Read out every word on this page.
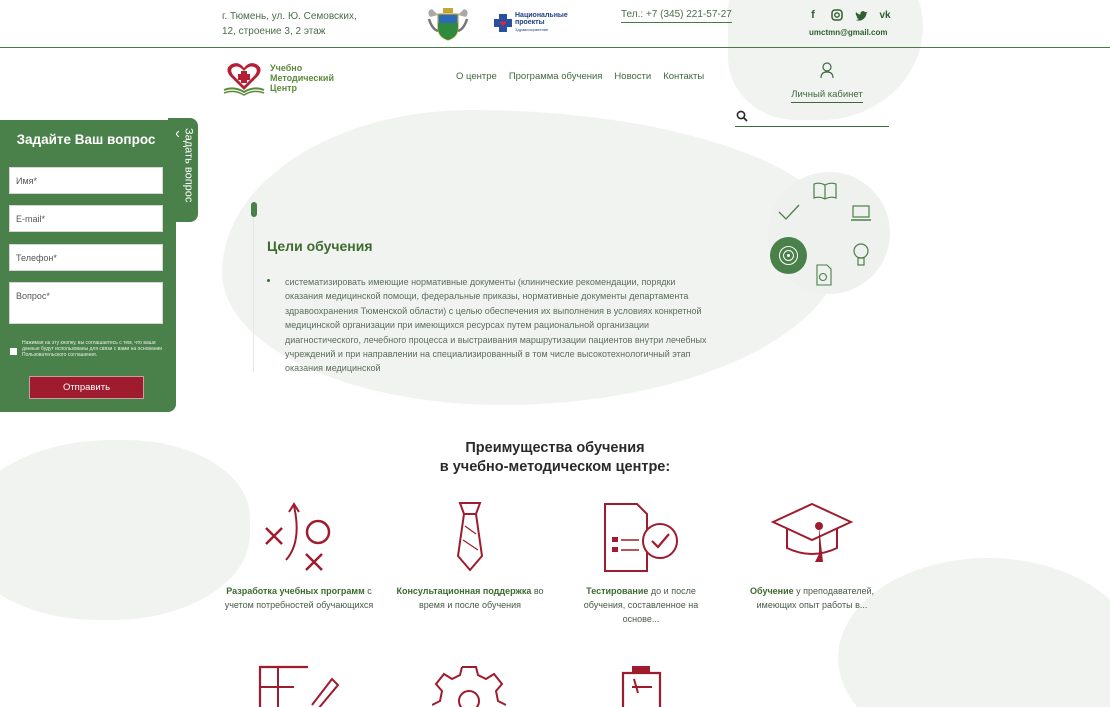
г. Тюмень, ул. Ю. Семовских,
12, строение 3, 2 этаж
Национальные
проекты
Здравоохранение
Тел.: +7 (345) 221-57-27	f	vk
umctmn@gmail.com
Учебно
Методический
Центр
О центре Программа обучения Новости Контакты

Личный кабинет
Задать вопрос
Задайте Ваш вопрос
Имя*
E-mail*
Телефон*
Вопрос*
Нажимая на эту кнопку, вы соглашаетесь с тем, что ваши данные будут использованы для связи с вами на основании Пользовательского соглашения.
Отправить
Цели обучения
систематизировать имеющие нормативные документы (клинические рекомендации, порядки оказания медицинской помощи, федеральные приказы, нормативные документы департамента здравоохранения Тюменской области) с целью обеспечения их выполнения в условиях конкретной медицинской организации при имеющихся ресурсах путем рациональной организации диагностического, лечебного процесса и выстраивания маршрутизации пациентов внутри лечебных учреждений и при направлении на специализированный в том числе высокотехнологичный этап оказания медицинской
Преимущества обучения
в учебно-методическом центре:
Разработка учебных программ с учетом потребностей обучающихся
Консультационная поддержка во время и после обучения
Тестирование до и после обучения, составленное на основе...
Обучение у преподавателей, имеющих опыт работы в...
